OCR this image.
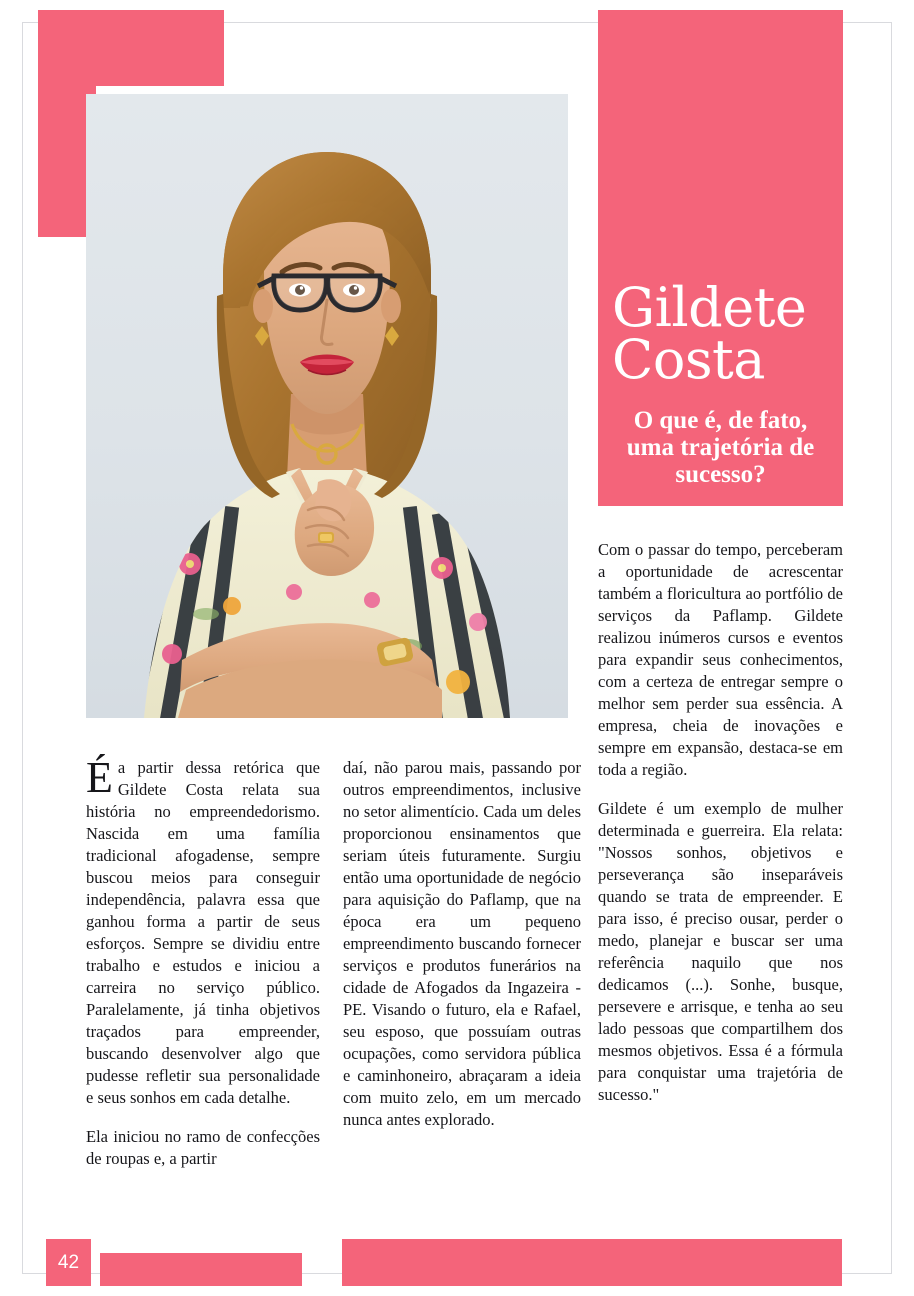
Gildete
Costa
O que é, de fato, uma trajetória de sucesso?

Éa partir dessa retórica que Gildete Costa relata sua história no empreendedorismo. Nascida em uma família tradicional afogadense, sempre buscou meios para conseguir independência, palavra essa que ganhou forma a partir de seus esforços. Sempre se dividiu entre trabalho e estudos e iniciou a carreira no serviço público. Paralelamente, já tinha objetivos traçados para empreender, buscando desenvolver algo que pudesse refletir sua personalidade e seus sonhos em cada detalhe.

Ela iniciou no ramo de confecções de roupas e, a partir

daí, não parou mais, passando por outros empreendimentos, inclusive no setor alimentício. Cada um deles proporcionou ensinamentos que seriam úteis futuramente. Surgiu então uma oportunidade de negócio para aquisição do Paflamp, que na época era um pequeno empreendimento buscando fornecer serviços e produtos funerários na cidade de Afogados da Ingazeira - PE. Visando o futuro, ela e Rafael, seu esposo, que possuíam outras ocupações, como servidora pública e caminhoneiro, abraçaram a ideia com muito zelo, em um mercado nunca antes explorado.

Com o passar do tempo, perceberam a oportunidade de acrescentar também a floricultura ao portfólio de serviços da Paflamp. Gildete realizou inúmeros cursos e eventos para expandir seus conhecimentos, com a certeza de entregar sempre o melhor sem perder sua essência. A empresa, cheia de inovações e sempre em expansão, destaca-se em toda a região.

Gildete é um exemplo de mulher determinada e guerreira. Ela relata: "Nossos sonhos, objetivos e perseverança são inseparáveis quando se trata de empreender. E para isso, é preciso ousar, perder o medo, planejar e buscar ser uma referência naquilo que nos dedicamos (...). Sonhe, busque, persevere e arrisque, e tenha ao seu lado pessoas que compartilhem dos mesmos objetivos. Essa é a fórmula para conquistar uma trajetória de sucesso."

42
